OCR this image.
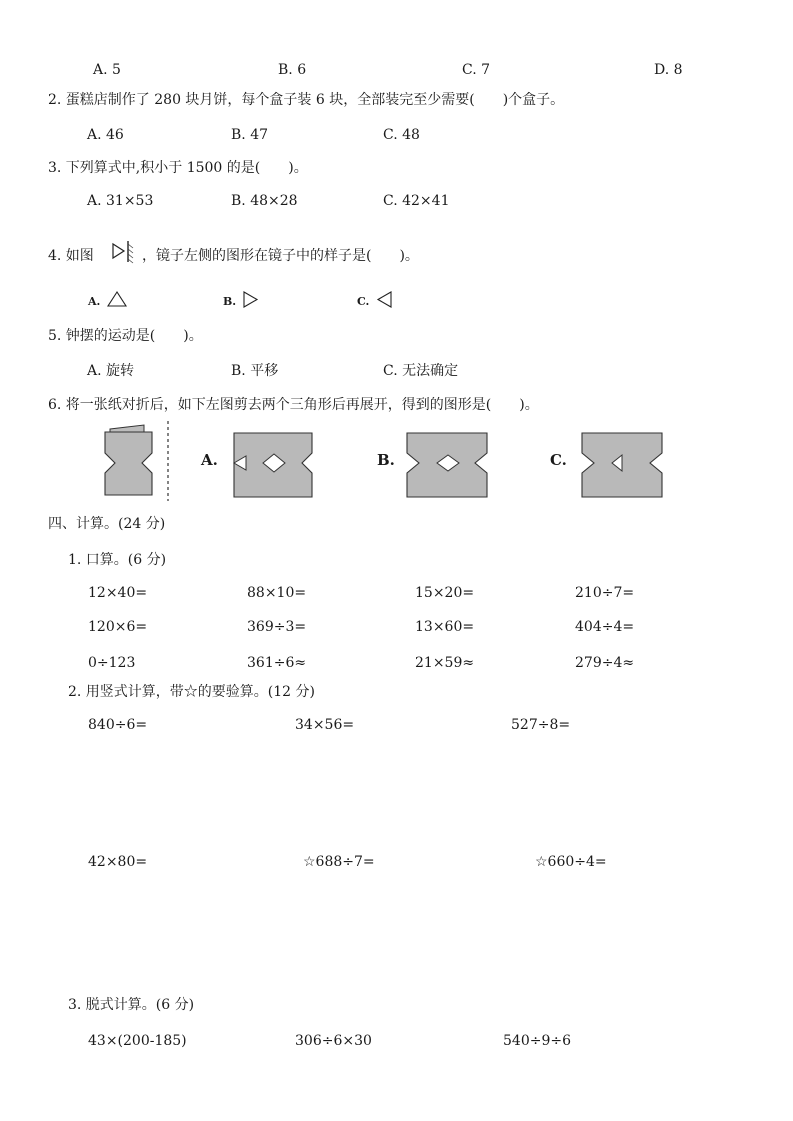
A. 5	B. 6	C. 7	D. 8
2. 蛋糕店制作了 280 块月饼，每个盒子装 6 块，全部装完至少需要(　　)个盒子。
A. 46	B. 47	C. 48
3. 下列算式中,积小于 1500 的是(　　)。
A. 31×53	B. 48×28	C. 42×41
4. 如图	，镜子左侧的图形在镜子中的样子是(　　)。
A.	B.	C.
5. 钟摆的运动是(　　)。
A. 旋转	B. 平移	C. 无法确定
6. 将一张纸对折后，如下左图剪去两个三角形后再展开，得到的图形是(　　)。
A.	B.	C.
四、计算。(24 分)
1. 口算。(6 分)
12×40=	88×10=	15×20=	210÷7=
120×6=	369÷3=	13×60=	404÷4=
0÷123	361÷6≈	21×59≈	279÷4≈
2. 用竖式计算，带☆的要验算。(12 分)
840÷6=	34×56=	527÷8=
42×80=	☆688÷7=	☆660÷4=
3. 脱式计算。(6 分)
43×(200-185)	306÷6×30	540÷9÷6
